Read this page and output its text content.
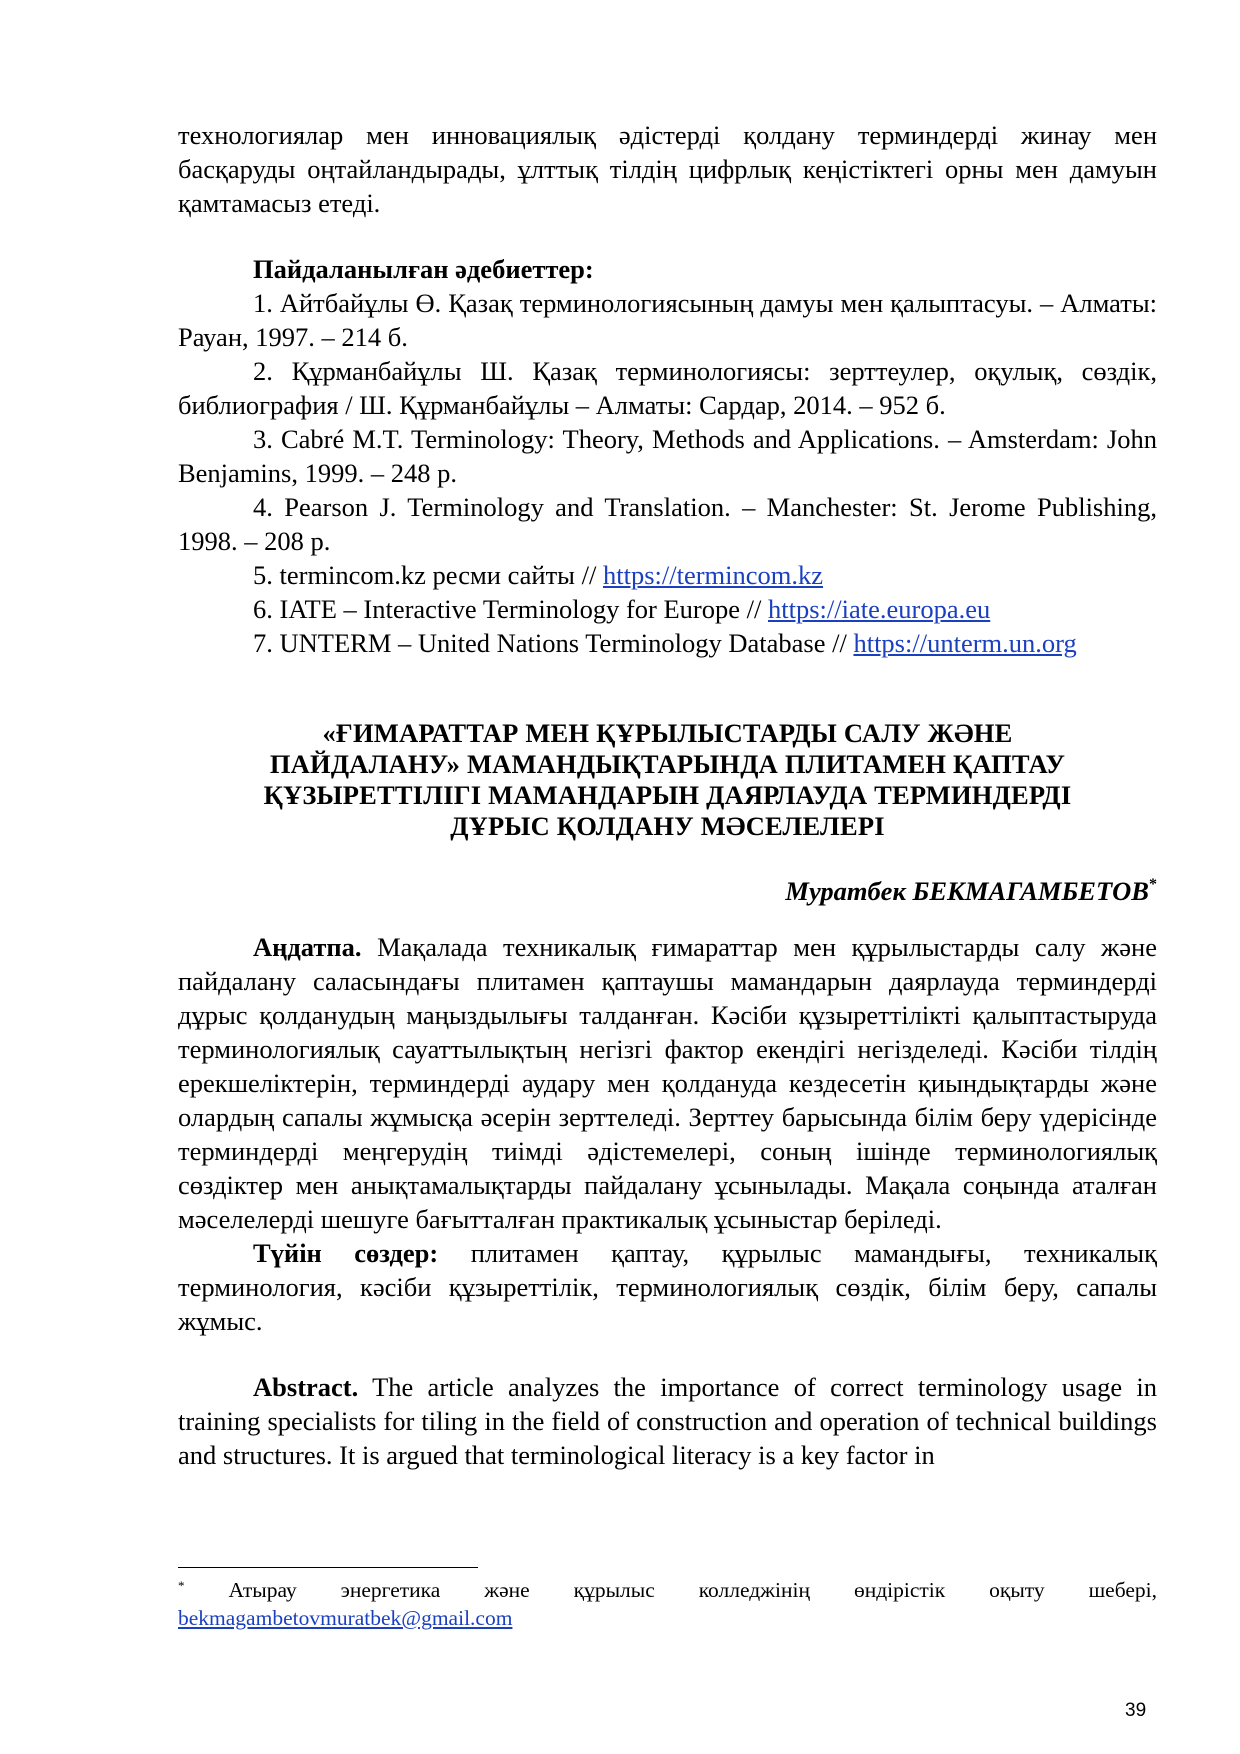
технологиялар мен инновациялық әдістерді қолдану терминдерді жинау мен басқаруды оңтайландырады, ұлттық тілдің цифрлық кеңістіктегі орны мен дамуын қамтамасыз етеді.

Пайдаланылған әдебиеттер:

1. Айтбайұлы Ө. Қазақ терминологиясының дамуы мен қалыптасуы. – Алматы: Рауан, 1997. – 214 б.

2. Құрманбайұлы Ш. Қазақ терминологиясы: зерттеулер, оқулық, сөздік, библиография / Ш. Құрманбайұлы – Алматы: Сардар, 2014. – 952 б.

3. Cabré M.T. Terminology: Theory, Methods and Applications. – Amsterdam: John Benjamins, 1999. – 248 p.

4. Pearson J. Terminology and Translation. – Manchester: St. Jerome Publishing, 1998. – 208 p.

5. termincom.kz ресми сайты // https://termincom.kz

6. IATE – Interactive Terminology for Europe // https://iate.europa.eu

7. UNTERM – United Nations Terminology Database // https://unterm.un.org

«ҒИМАРАТТАР МЕН ҚҰРЫЛЫСТАРДЫ САЛУ ЖӘНЕ
ПАЙДАЛАНУ» МАМАНДЫҚТАРЫНДА ПЛИТАМЕН ҚАПТАУ
ҚҰЗЫРЕТТІЛІГІ МАМАНДАРЫН ДАЯРЛАУДА ТЕРМИНДЕРДІ
ДҰРЫС ҚОЛДАНУ МӘСЕЛЕЛЕРІ
Муратбек БЕКМАГАМБЕТОВ*

Аңдатпа. Мақалада техникалық ғимараттар мен құрылыстарды салу және пайдалану саласындағы плитамен қаптаушы мамандарын даярлауда терминдерді дұрыс қолданудың маңыздылығы талданған. Кәсіби құзыреттілікті қалыптастыруда терминологиялық сауаттылықтың негізгі фактор екендігі негізделеді. Кәсіби тілдің ерекшеліктерін, терминдерді аудару мен қолдануда кездесетін қиындықтарды және олардың сапалы жұмысқа әсерін зерттеледі. Зерттеу барысында білім беру үдерісінде терминдерді меңгерудің тиімді әдістемелері, соның ішінде терминологиялық сөздіктер мен анықтамалықтарды пайдалану ұсынылады. Мақала соңында аталған мәселелерді шешуге бағытталған практикалық ұсыныстар беріледі.

Түйін сөздер: плитамен қаптау, құрылыс мамандығы, техникалық терминология, кәсіби құзыреттілік, терминологиялық сөздік, білім беру, сапалы жұмыс.

Abstract. The article analyzes the importance of correct terminology usage in training specialists for tiling in the field of construction and operation of technical buildings and structures. It is argued that terminological literacy is a key factor in

* Атырау энергетика және құрылыс колледжінің өндірістік оқыту шебері, bekmagambetovmuratbek@gmail.com
39
